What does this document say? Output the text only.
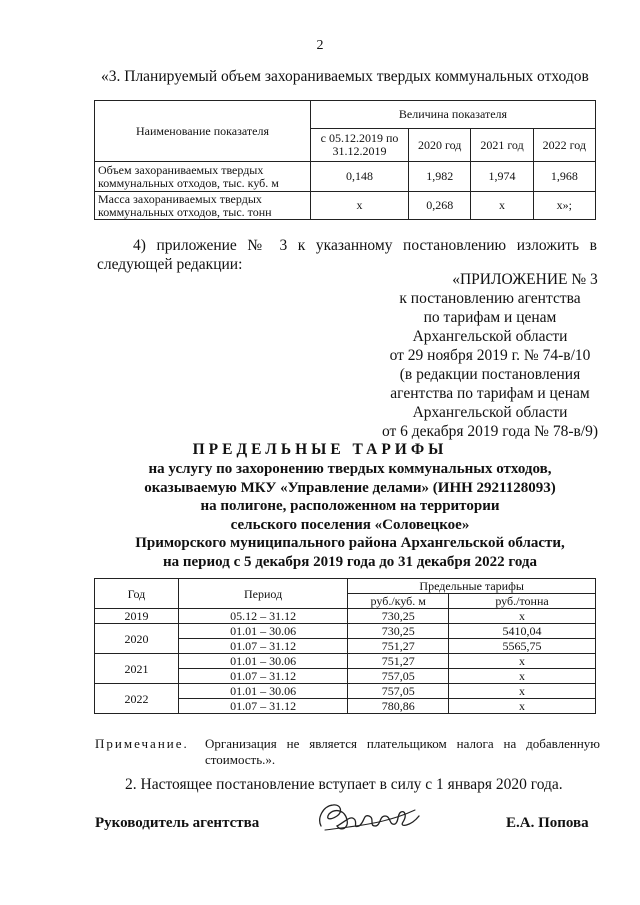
2
«3. Планируемый объем захораниваемых твердых коммунальных отходов
Наименование показателя	Величина показателя			
	с 05.12.2019 по 31.12.2019	2020 год	2021 год	2022 год
Объем захораниваемых твердых коммунальных отходов, тыс. куб. м	0,148	1,982	1,974	1,968
Масса захораниваемых твердых коммунальных отходов, тыс. тонн	х	0,268	х	х»;
4) приложение № 3 к указанному постановлению изложить в следующей редакции:
«ПРИЛОЖЕНИЕ № 3
к постановлению агентства
по тарифам и ценам
Архангельской области
от 29 ноября 2019 г. № 74-в/10
(в редакции постановления
агентства по тарифам и ценам
Архангельской области
от 6 декабря 2019 года № 78-в/9)
ПРЕДЕЛЬНЫЕ ТАРИФЫ
на услугу по захоронению твердых коммунальных отходов,
оказываемую МКУ «Управление делами» (ИНН 2921128093)
на полигоне, расположенном на территории
сельского поселения «Соловецкое»
Приморского муниципального района Архангельской области,
на период с 5 декабря 2019 года до 31 декабря 2022 года
Год	Период	Предельные тарифы	
		руб./куб. м	руб./тонна
2019	05.12 – 31.12	730,25	х
2020	01.01 – 30.06	730,25	5410,04
	01.07 – 31.12	751,27	5565,75
2021	01.01 – 30.06	751,27	х
	01.07 – 31.12	757,05	х
2022	01.01 – 30.06	757,05	х
	01.07 – 31.12	780,86	х
Примечание. Организация не является плательщиком налога на добавленную стоимость.».
2. Настоящее постановление вступает в силу с 1 января 2020 года.
Руководитель агентства	Е.А. Попова
